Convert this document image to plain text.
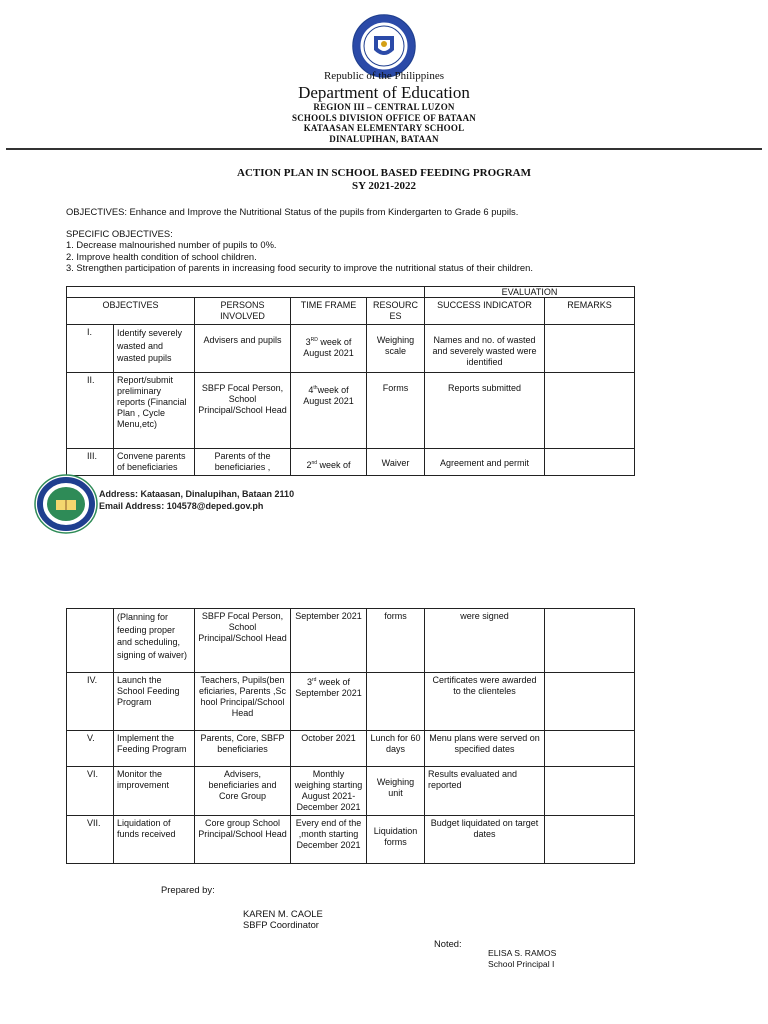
Republic of the Philippines
Department of Education
REGION III – CENTRAL LUZON
SCHOOLS DIVISION OFFICE OF BATAAN
KATAASAN ELEMENTARY SCHOOL
DINALUPIHAN, BATAAN
ACTION PLAN IN SCHOOL BASED FEEDING PROGRAM
SY 2021-2022
OBJECTIVES: Enhance and Improve the Nutritional Status of the pupils from Kindergarten to Grade 6 pupils.
SPECIFIC OBJECTIVES:
1. Decrease malnourished number of pupils to 0%.
2. Improve health condition of school children.
3. Strengthen participation of parents in increasing food security to improve the nutritional status of their children.
					EVALUATION	
OBJECTIVES		PERSONS INVOLVED	TIME FRAME	RESOURC ES	SUCCESS INDICATOR	REMARKS
I.	Identify severely wasted and wasted pupils	Advisers and pupils	3RD week of August 2021	Weighing scale	Names and no. of wasted and severely wasted were identified	
II.	Report/submit preliminary reports (Financial Plan , Cycle Menu,etc)	SBFP Focal Person, School Principal/School Head	4thweek of August 2021	Forms	Reports submitted	
III.	Convene parents of beneficiaries	Parents of the beneficiaries ,	2nd week of	Waiver	Agreement and permit	
Address: Kataasan, Dinalupihan, Bataan 2110
Email Address: 104578@deped.gov.ph
	(Planning for feeding proper and scheduling, signing of waiver)	SBFP Focal Person, School Principal/School Head	September 2021	forms	were signed	
IV.	Launch the School Feeding Program	Teachers, Pupils(beneficiaries, Parents ,School Principal/School Head	3rd week of September 2021		Certificates were awarded to the clienteles	
V.	Implement the Feeding Program	Parents, Core, SBFP beneficiaries	October 2021	Lunch for 60 days	Menu plans were served on specified dates	
VI.	Monitor the improvement	Advisers, beneficiaries and Core Group	Monthly weighing starting August 2021- December 2021	Weighing unit	Results evaluated and reported	
VII.	Liquidation of funds received	Core group School Principal/School Head	Every end of the ,month starting December 2021	Liquidation forms	Budget liquidated on target dates	
Prepared by:
KAREN M. CAOLE
SBFP Coordinator
Noted:
ELISA S. RAMOS
School Principal I
